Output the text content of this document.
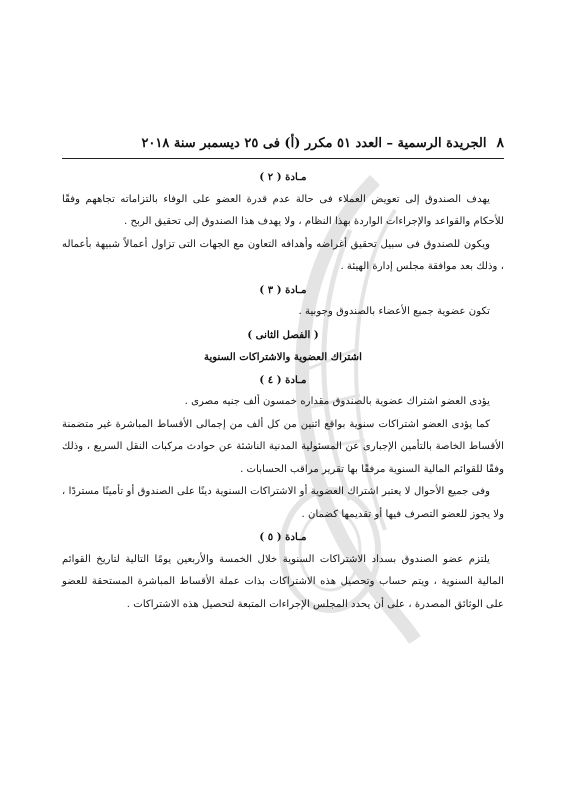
٨
الجريدة الرسمية – العدد ٥١ مكرر (أ) فى ٢٥ ديسمبر سنة ٢٠١٨

مـادة ( ٢ )

يهدف الصندوق إلى تعويض العملاء فى حالة عدم قدرة العضو على الوفاء بالتزاماته تجاههم وفقًا للأحكام والقواعد والإجراءات الواردة بهذا النظام ، ولا يهدف هذا الصندوق إلى تحقيق الربح .

ويكون للصندوق فى سبيل تحقيق أغراضه وأهدافه التعاون مع الجهات التى تزاول أعمالاً شبيهة بأعماله ، وذلك بعد موافقة مجلس إدارة الهيئة .

مـادة ( ٣ )

تكون عضوية جميع الأعضاء بالصندوق وجوبية .

( الفصل الثانى )

اشتراك العضوية والاشتراكات السنوية

مـادة ( ٤ )

يؤدى العضو اشتراك عضوية بالصندوق مقداره خمسون ألف جنيه مصرى .

كما يؤدى العضو اشتراكات سنوية بواقع اثنين من كل ألف من إجمالى الأقساط المباشرة غير متضمنة الأقساط الخاصة بالتأمين الإجبارى عن المسئولية المدنية الناشئة عن حوادث مركبات النقل السريع ، وذلك وفقًا للقوائم المالية السنوية مرفقًا بها تقرير مراقب الحسابات .

وفى جميع الأحوال لا يعتبر اشتراك العضوية أو الاشتراكات السنوية دينًا على الصندوق أو تأمينًا مستردًا ، ولا يجوز للعضو التصرف فيها أو تقديمها كضمان .

مـادة ( ٥ )

يلتزم عضو الصندوق بسداد الاشتراكات السنوية خلال الخمسة والأربعين يومًا التالية لتاريخ القوائم المالية السنوية ، ويتم حساب وتحصيل هذه الاشتراكات بذات عملة الأقساط المباشرة المستحقة للعضو على الوثائق المصدرة ، على أن يحدد المجلس الإجراءات المتبعة لتحصيل هذه الاشتراكات .
